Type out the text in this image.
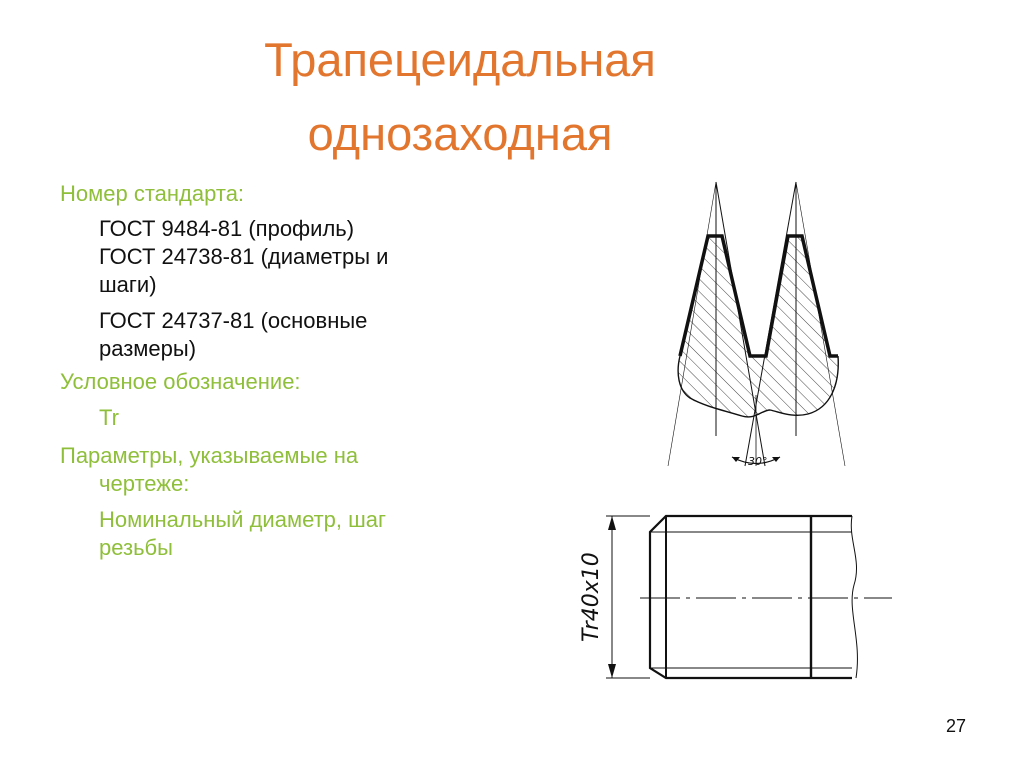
Трапецеидальная
однозаходная

Номер стандарта:

ГОСТ 9484-81 (профиль)

ГОСТ 24738-81 (диаметры и

шаги)

ГОСТ 24737-81 (основные

размеры)

Условное обозначение:

Tr

Параметры, указываемые на

чертеже:

Номинальный диаметр, шаг

резьбы

30°
Tr40x10
27
